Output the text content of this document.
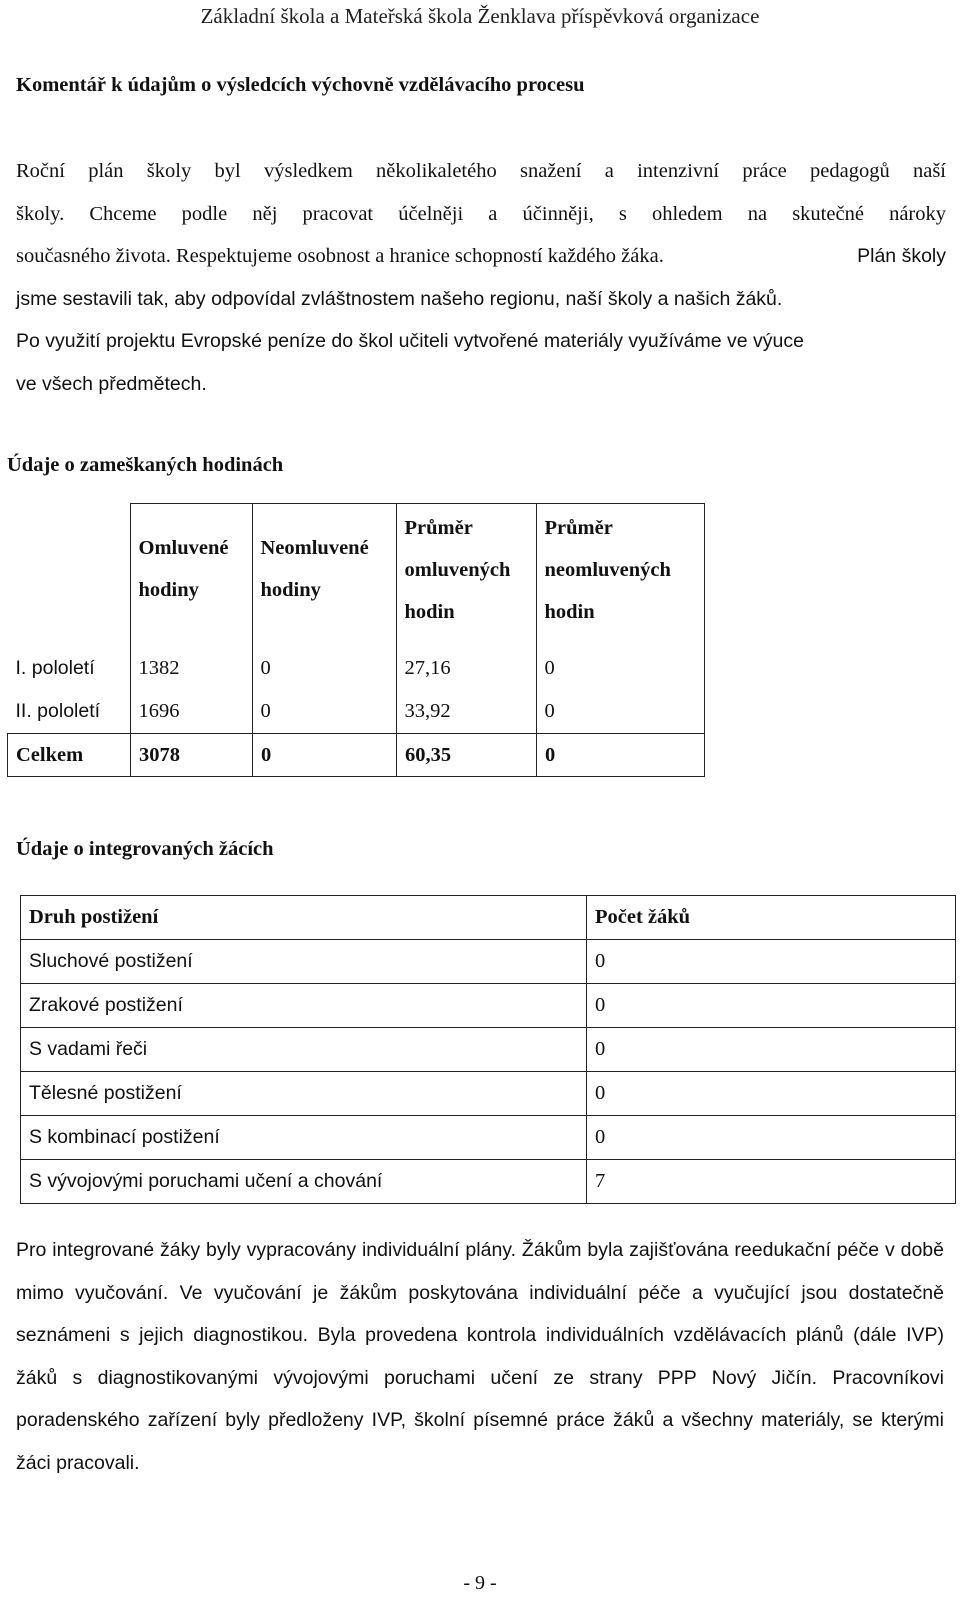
Základní škola a Mateřská škola Ženklava příspěvková organizace
Komentář k údajům o výsledcích výchovně vzdělávacího procesu
Roční plán školy byl výsledkem několikaletého snažení a intenzivní práce pedagogů naší
školy. Chceme podle něj pracovat účelněji a účinněji, s ohledem na skutečné nároky
současného života. Respektujeme osobnost a hranice schopností každého žáka.	Plán školy
jsme sestavili tak, aby odpovídal zvláštnostem našeho regionu, naší školy a našich žáků.
Po využití projektu Evropské peníze do škol učiteli vytvořené materiály využíváme ve výuce
ve všech předmětech.
Údaje o zameškaných hodinách
	Omluvené hodiny	Neomluvené hodiny	Průměr omluvených hodin	Průměr neomluvených hodin
I. pololetí	1382	0	27,16	0
II. pololetí	1696	0	33,92	0
Celkem	3078	0	60,35	0
Údaje o integrovaných žácích
Druh postižení	Počet žáků
Sluchové postižení	0
Zrakové postižení	0
S vadami řeči	0
Tělesné postižení	0
S kombinací postižení	0
S vývojovými poruchami učení a chování	7
Pro integrované žáky byly vypracovány individuální plány. Žákům byla zajišťována reedukační péče v době mimo vyučování. Ve vyučování je žákům poskytována individuální péče a vyučující jsou dostatečně seznámeni s jejich diagnostikou. Byla provedena kontrola individuálních vzdělávacích plánů (dále IVP) žáků s diagnostikovanými vývojovými poruchami učení ze strany PPP Nový Jičín. Pracovníkovi poradenského zařízení byly předloženy IVP, školní písemné práce žáků a všechny materiály, se kterými žáci pracovali.
- 9 -
